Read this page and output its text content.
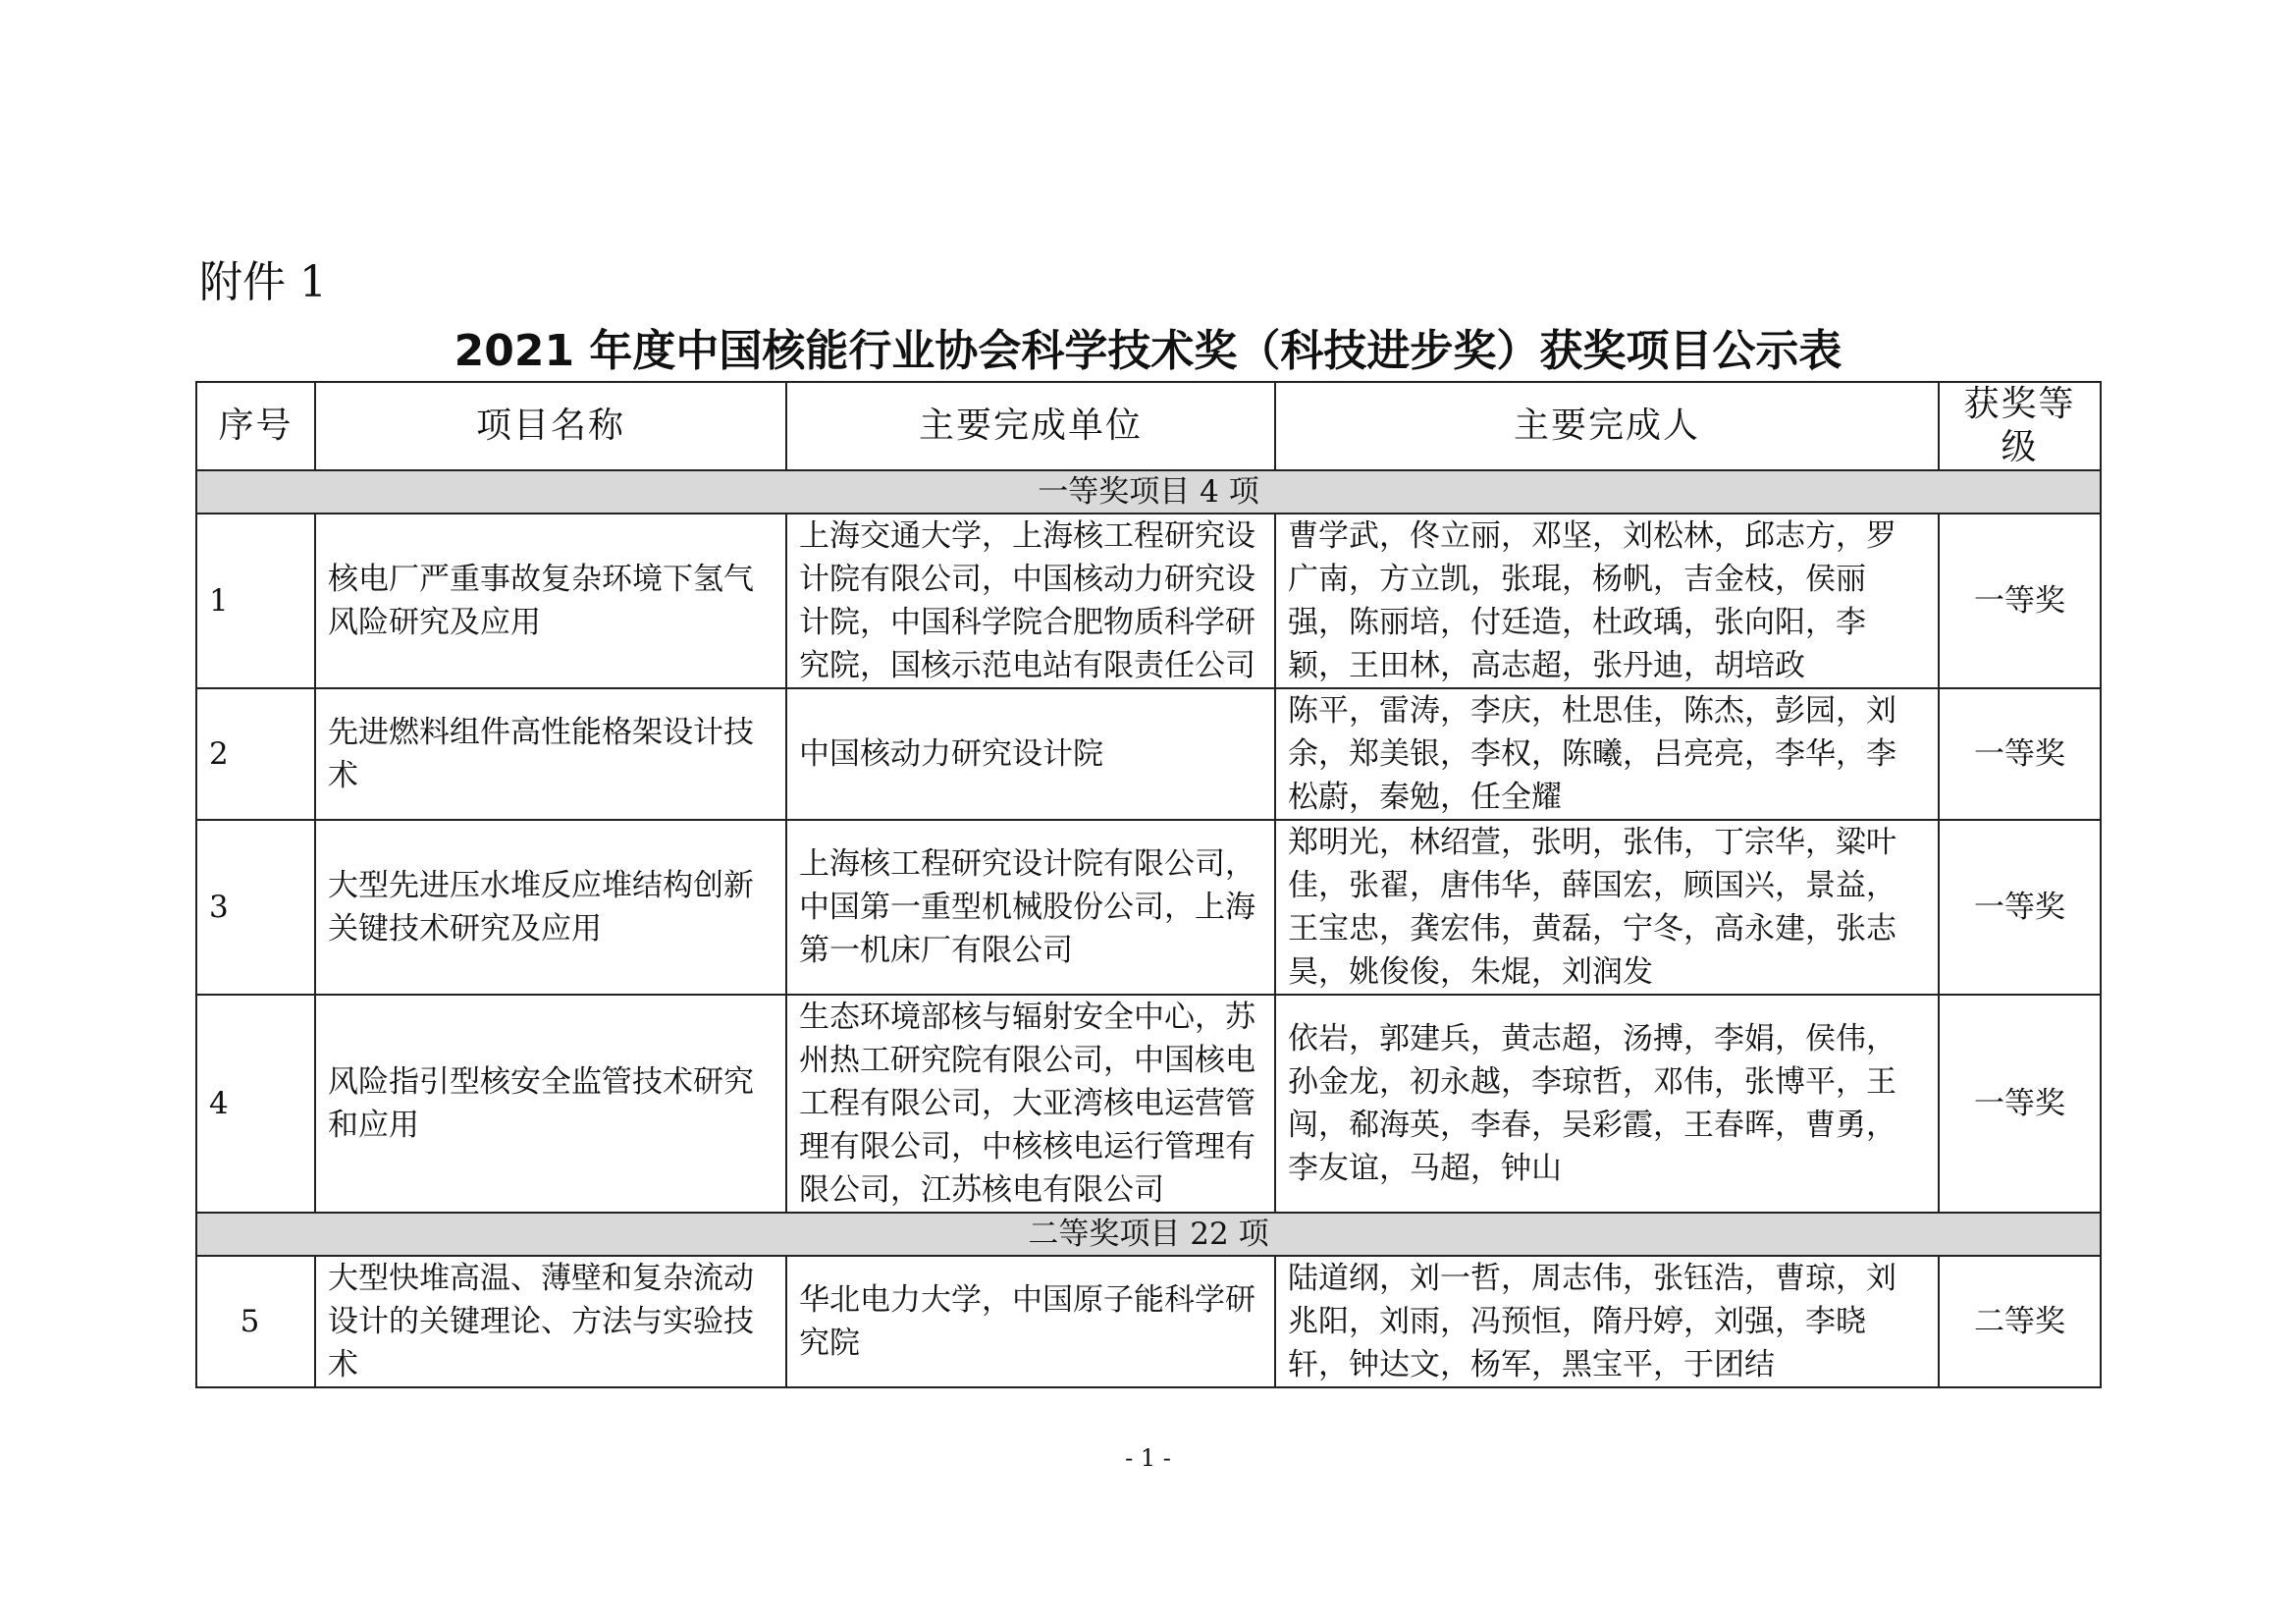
附件 1
2021 年度中国核能行业协会科学技术奖（科技进步奖）获奖项目公示表
序号	项目名称	主要完成单位	主要完成人	获奖等级
一等奖项目 4 项				
1	核电厂严重事故复杂环境下氢气风险研究及应用	上海交通大学，上海核工程研究设计院有限公司，中国核动力研究设计院，中国科学院合肥物质科学研究院，国核示范电站有限责任公司	曹学武，佟立丽，邓坚，刘松林，邱志方，罗广南，方立凯，张琨，杨帆，吉金枝，侯丽强，陈丽培，付廷造，杜政瑀，张向阳，李颖，王田林，高志超，张丹迪，胡培政	一等奖
2	先进燃料组件高性能格架设计技术	中国核动力研究设计院	陈平，雷涛，李庆，杜思佳，陈杰，彭园，刘余，郑美银，李权，陈曦，吕亮亮，李华，李松蔚，秦勉，任全耀	一等奖
3	大型先进压水堆反应堆结构创新关键技术研究及应用	上海核工程研究设计院有限公司，中国第一重型机械股份公司，上海第一机床厂有限公司	郑明光，林绍萱，张明，张伟，丁宗华，粱叶佳，张翟，唐伟华，薛国宏，顾国兴，景益，王宝忠，龚宏伟，黄磊，宁冬，高永建，张志昊，姚俊俊，朱焜，刘润发	一等奖
4	风险指引型核安全监管技术研究和应用	生态环境部核与辐射安全中心，苏州热工研究院有限公司，中国核电工程有限公司，大亚湾核电运营管理有限公司，中核核电运行管理有限公司，江苏核电有限公司	依岩，郭建兵，黄志超，汤搏，李娟，侯伟，孙金龙，初永越，李琼哲，邓伟，张博平，王闯，郗海英，李春，吴彩霞，王春晖，曹勇，李友谊，马超，钟山	一等奖
二等奖项目 22 项				
5	大型快堆高温、薄壁和复杂流动设计的关键理论、方法与实验技术	华北电力大学，中国原子能科学研究院	陆道纲，刘一哲，周志伟，张钰浩，曹琼，刘兆阳，刘雨，冯预恒，隋丹婷，刘强，李晓轩，钟达文，杨军，黑宝平，于团结	二等奖
- 1 -
